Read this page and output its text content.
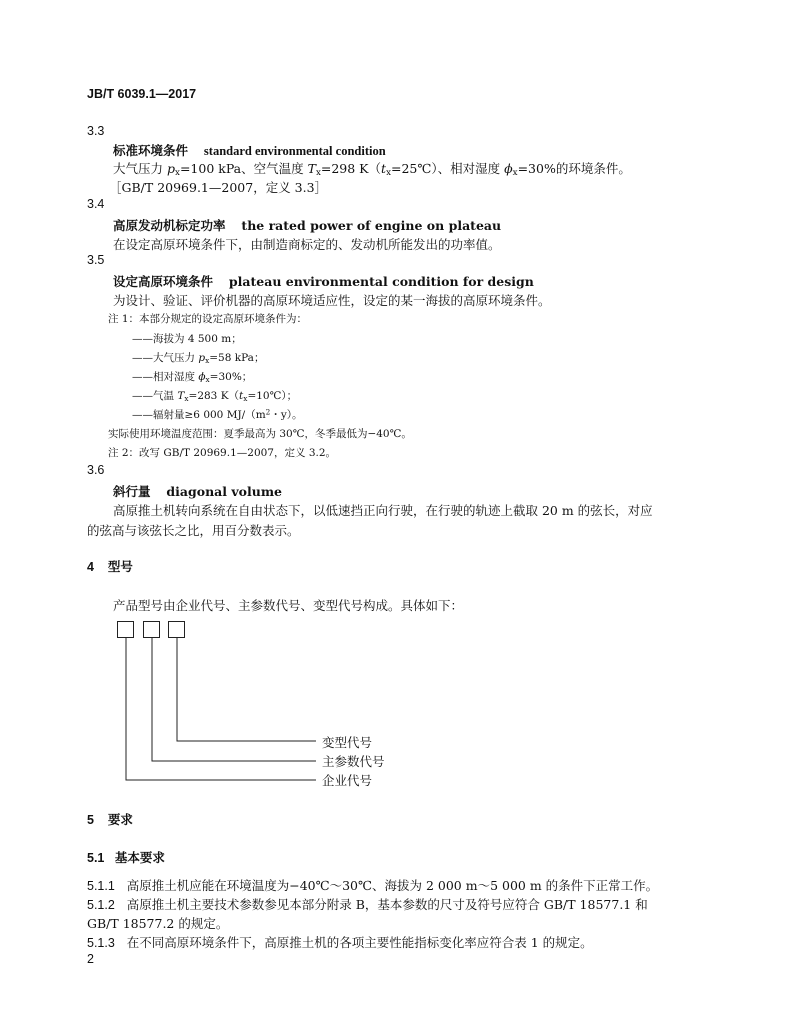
JB/T 6039.1—2017
3.3
标准环境条件 standard environmental condition
大气压力 $p_x=100$ kPa、空气温度 $T_x=298$ $K(t_x=25℃)$、相对湿度 $\phi_x=30\%$的环境条件。
［GB/T 20969.1—2007，定义 3.3］
3.4
高原发动机标定功率 the rated power of engine on plateau
在设定高原环境条件下，由制造商标定的、发动机所能发出的功率值。
3.5
设定高原环境条件 plateau environmental condition for design
为设计、验证、评价机器的高原环境适应性，设定的某一海拔的高原环境条件。
注 1：本部分规定的设定高原环境条件为：
——海拔为 4 500 m；
——大气压力 $p_x=58$ kPa；
——相对湿度 $\phi_x=30\%$；
——气温 $T_x=283$ $K(t_x=10℃)$；
——辐射量≥6 000 $MJ/(m^2$・y）。
实际使用环境温度范围：夏季最高为 30℃，冬季最低为−40℃。
注 2：改写 GB/T 20969.1—2007，定义 3.2。
3.6
斜行量 diagonal volume
高原推土机转向系统在自由状态下，以低速挡正向行驶，在行驶的轨迹上截取 20 m 的弦长，对应
的弦高与该弦长之比，用百分数表示。
4 型号
产品型号由企业代号、主参数代号、变型代号构成。具体如下：
变型代号
主参数代号
企业代号
5 要求
5.1 基本要求
5.1.1 高原推土机应能在环境温度为−40℃～30℃、海拔为 2 000 m～5 000 m 的条件下正常工作。
5.1.2 高原推土机主要技术参数参见本部分附录 B，基本参数的尺寸及符号应符合 GB/T 18577.1 和
GB/T 18577.2 的规定。
5.1.3 在不同高原环境条件下，高原推土机的各项主要性能指标变化率应符合表 1 的规定。
2
